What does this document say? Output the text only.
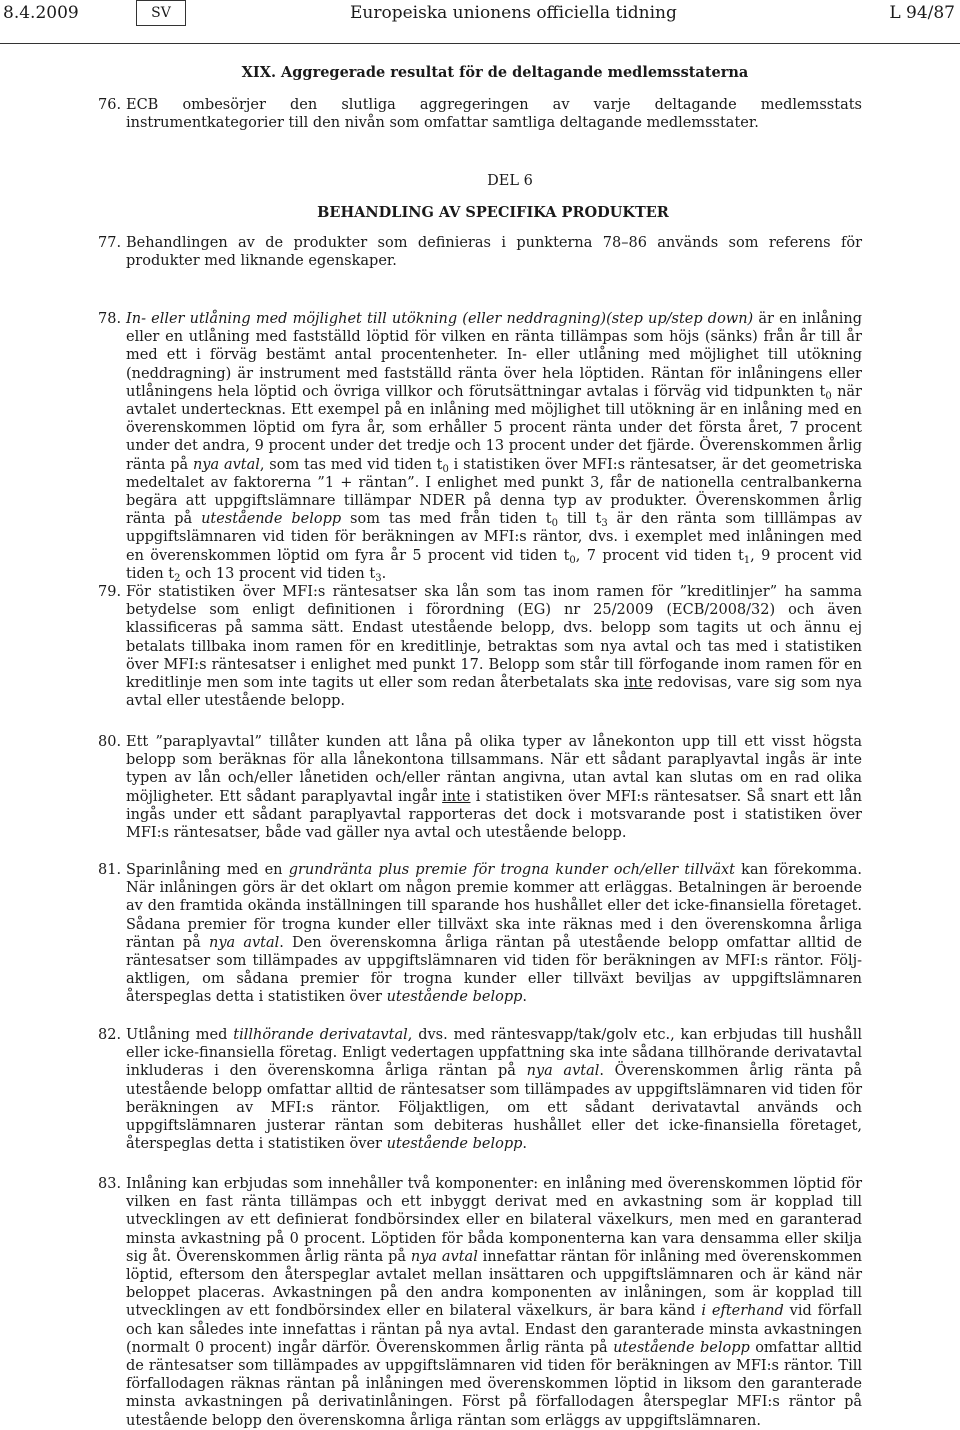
8.4.2009	SV	Europeiska unionens officiella tidning	L 94/87
XIX. Aggregerade resultat för de deltagande medlemsstaterna
76. ECB ombesörjer den slutliga aggregeringen av varje deltagande medlemsstats instrumentkategorier till den nivån som omfattar samtliga deltagande medlemsstater.
DEL 6
BEHANDLING AV SPECIFIKA PRODUKTER
77. Behandlingen av de produkter som definieras i punkterna 78–86 används som referens för produkter med liknande egenskaper.
78. In- eller utlåning med möjlighet till utökning (eller neddragning)(step up/step down) är en inlåning eller en utlåning med fastställd löptid för vilken en ränta tillämpas som höjs (sänks) från år till år med ett i förväg bestämt antal procentenheter. In- eller utlåning med möjlighet till utökning (neddragning) är instrument med fastställd ränta över hela löptiden. Räntan för inlåningens eller utlåningens hela löptid och övriga villkor och förutsättningar avtalas i förväg vid tidpunkten $t_0$ när avtalet undertecknas. Ett exempel på en inlåning med möjlighet till utökning är en inlåning med en överenskommen löptid om fyra år, som erhåller 5 procent ränta under det första året, 7 procent under det andra, 9 procent under det tredje och 13 procent under det fjärde. Överenskommen årlig ränta på nya avtal, som tas med vid tiden $t_0$ i statistiken över MFI:s räntesatser, är det geometriska medeltalet av faktorerna ”1 + räntan”. I enlighet med punkt 3, får de nationella centralbankerna begära att uppgiftslämnare tillämpar NDER på denna typ av produkter. Överenskommen årlig ränta på utestående belopp som tas med från tiden $t_0$ till $t_3$ är den ränta som tilllämpas av uppgiftslämnaren vid tiden för beräkningen av MFI:s räntor, dvs. i exemplet med inlåningen med en överenskommen löptid om fyra år 5 procent vid tiden $t_0$, 7 procent vid tiden $t_1$, 9 procent vid tiden $t_2$ och 13 procent vid tiden $t_3$.
79. För statistiken över MFI:s räntesatser ska lån som tas inom ramen för ”kreditlinjer” ha samma betydelse som enligt definitionen i förordning (EG) nr 25/2009 (ECB/2008/32) och även klassificeras på samma sätt. Endast utestående belopp, dvs. belopp som tagits ut och ännu ej betalats tillbaka inom ramen för en kreditlinje, betraktas som nya avtal och tas med i statistiken över MFI:s räntesatser i enlighet med punkt 17. Belopp som står till förfogande inom ramen för en kreditlinje men som inte tagits ut eller som redan återbetalats ska inte redovisas, vare sig som nya avtal eller utestående belopp.
80. Ett ”paraplyavtal” tillåter kunden att låna på olika typer av lånekonton upp till ett visst högsta belopp som beräknas för alla lånekontona tillsammans. När ett sådant paraplyavtal ingås är inte typen av lån och/eller lånetiden och/eller räntan angivna, utan avtal kan slutas om en rad olika möjligheter. Ett sådant paraplyavtal ingår inte i statistiken över MFI:s räntesatser. Så snart ett lån ingås under ett sådant paraplyavtal rapporteras det dock i motsvarande post i statistiken över MFI:s räntesatser, både vad gäller nya avtal och utestående belopp.
81. Sparinlåning med en grundränta plus premie för trogna kunder och/eller tillväxt kan förekomma. När inlåningen görs är det oklart om någon premie kommer att erläggas. Betalningen är beroende av den framtida okända inställningen till sparande hos hushållet eller det icke-finansiella företaget. Sådana premier för trogna kunder eller tillväxt ska inte räknas med i den överenskomna årliga räntan på nya avtal. Den överenskomna årliga räntan på utestående belopp omfattar alltid de räntesatser som tillämpades av uppgiftslämnaren vid tiden för beräkningen av MFI:s räntor. Följaktligen, om sådana premier för trogna kunder eller tillväxt beviljas av uppgiftslämnaren återspeglas detta i statistiken över utestående belopp.
82. Utlåning med tillhörande derivatavtal, dvs. med räntesvapp/tak/golv etc., kan erbjudas till hushåll eller icke-finansiella företag. Enligt vedertagen uppfattning ska inte sådana tillhörande derivatavtal inkluderas i den överenskomna årliga räntan på nya avtal. Överenskommen årlig ränta på utestående belopp omfattar alltid de räntesatser som tillämpades av uppgiftslämnaren vid tiden för beräkningen av MFI:s räntor. Följaktligen, om ett sådant derivatavtal används och uppgiftslämnaren justerar räntan som debiteras hushållet eller det icke-finansiella företaget, återspeglas detta i statistiken över utestående belopp.
83. Inlåning kan erbjudas som innehåller två komponenter: en inlåning med överenskommen löptid för vilken en fast ränta tillämpas och ett inbyggt derivat med en avkastning som är kopplad till utvecklingen av ett definierat fondbörsindex eller en bilateral växelkurs, men med en garanterad minsta avkastning på 0 procent. Löptiden för båda komponenterna kan vara densamma eller skilja sig åt. Överenskommen årlig ränta på nya avtal innefattar räntan för inlåning med överenskommen löptid, eftersom den återspeglar avtalet mellan insättaren och uppgiftslämnaren och är känd när beloppet placeras. Avkastningen på den andra komponenten av inlåningen, som är kopplad till utvecklingen av ett fondbörsindex eller en bilateral växelkurs, är bara känd i efterhand vid förfall och kan således inte innefattas i räntan på nya avtal. Endast den garanterade minsta avkastningen (normalt 0 procent) ingår därför. Överenskommen årlig ränta på utestående belopp omfattar alltid de räntesatser som tillämpades av uppgiftslämnaren vid tiden för beräkningen av MFI:s räntor. Till förfallodagen räknas räntan på inlåningen med överenskommen löptid in liksom den garanterade minsta avkastningen på derivatinlåningen. Först på förfallodagen återspeglar MFI:s räntor på utestående belopp den överenskomna årliga räntan som erläggs av uppgiftslämnaren.
